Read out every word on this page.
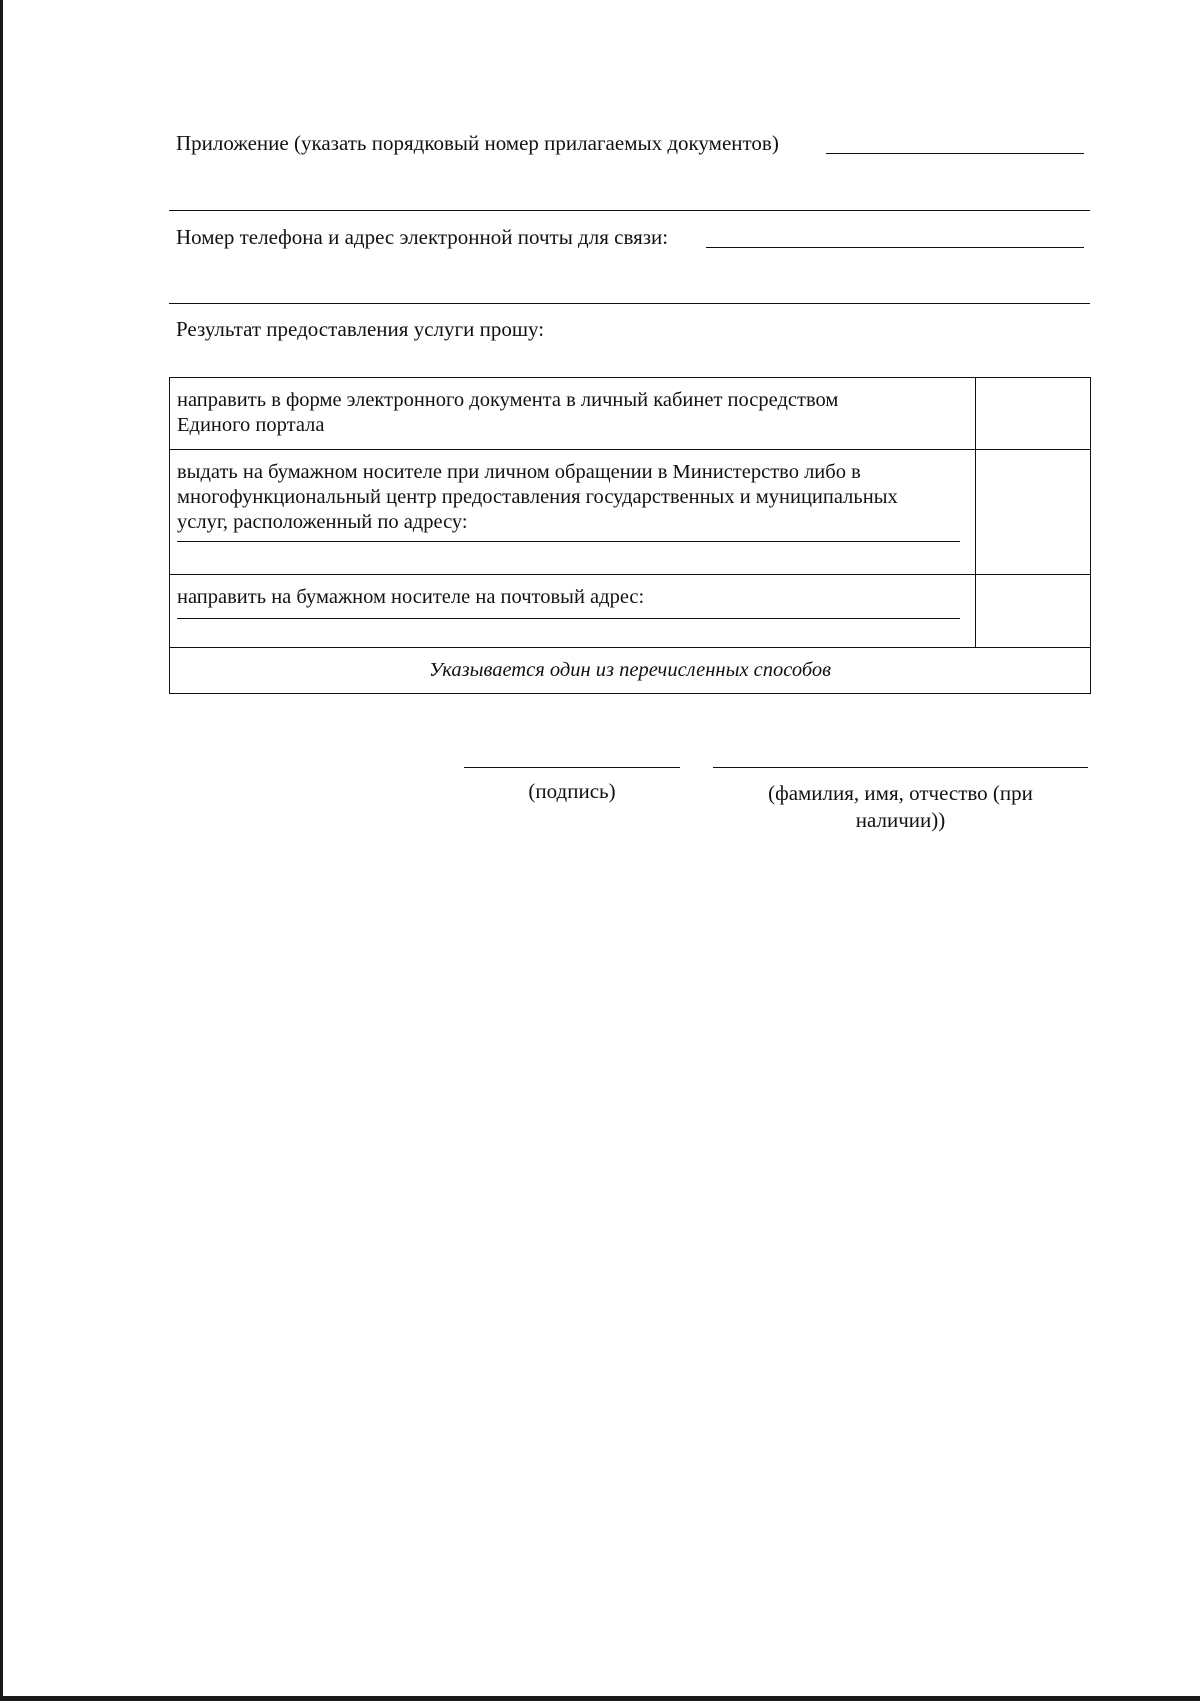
Приложение (указать порядковый номер прилагаемых документов)
Номер телефона и адрес электронной почты для связи:
Результат предоставления услуги прошу:
направить в форме электронного документа в личный кабинет посредством
Единого портала	

выдать на бумажном носителе при личном обращении в Министерство либо в
многофункциональный центр предоставления государственных и муниципальных
услуг, расположенный по адресу:	

направить на бумажном носителе на почтовый адрес:	

Указывается один из перечисленных способов	
(подпись)	(фамилия, имя, отчество (при
наличии))
